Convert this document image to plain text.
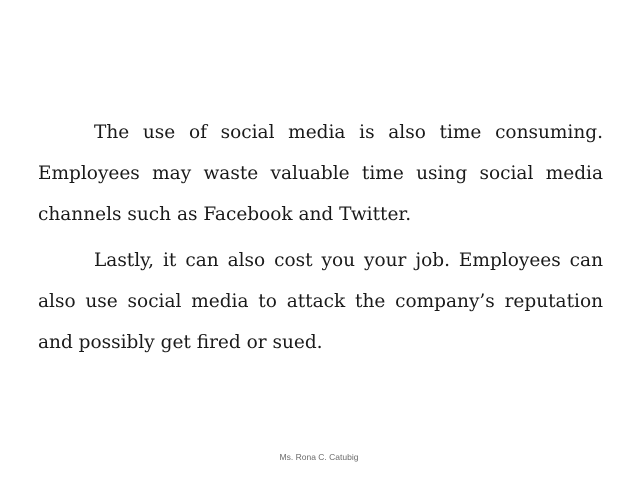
The use of social media is also time consuming. Employees may waste valuable time using social media channels such as Facebook and Twitter.

Lastly, it can also cost you your job. Employees can also use social media to attack the company’s reputation and possibly get fired or sued.

Ms. Rona C. Catubig
